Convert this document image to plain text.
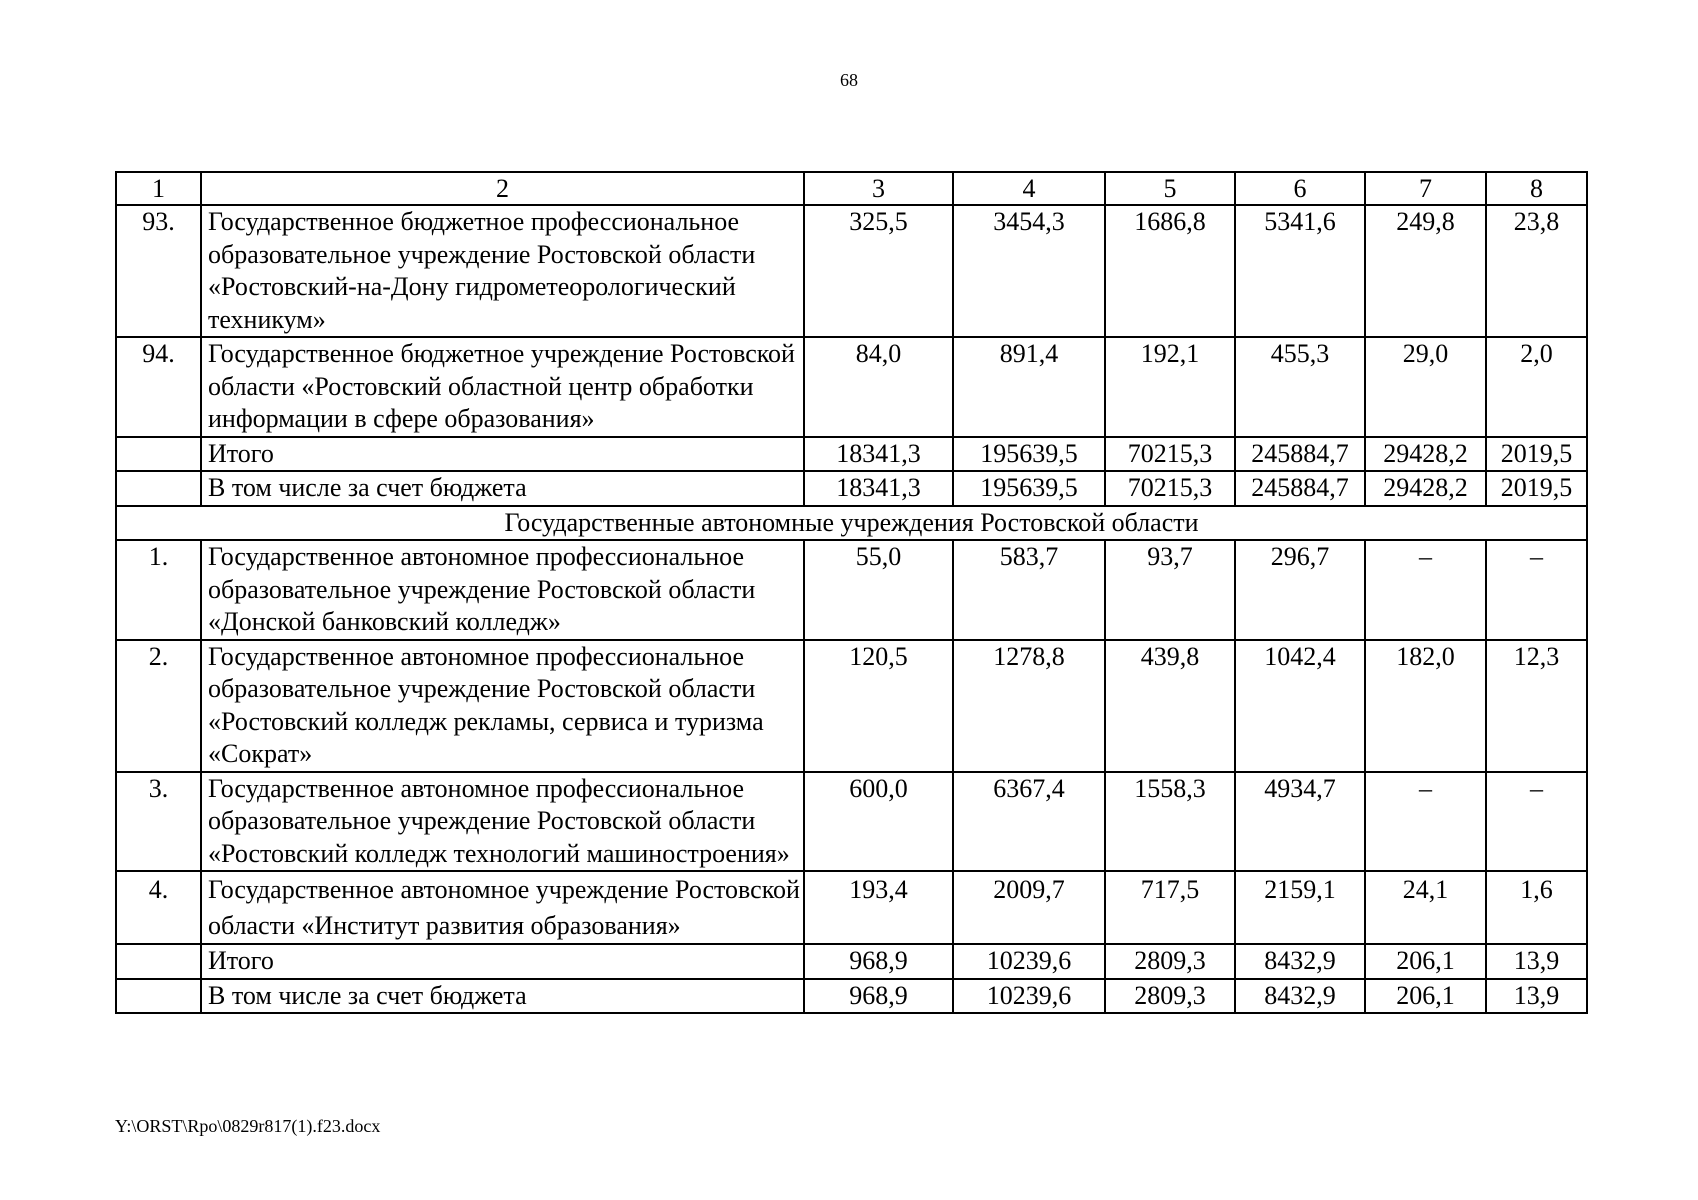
68
1	2	3	4	5	6	7	8
93.	Государственное бюджетное профессиональное образовательное учреждение Ростовской области «Ростовский-на-Дону гидрометеорологический техникум»	325,5	3454,3	1686,8	5341,6	249,8	23,8
94.	Государственное бюджетное учреждение Ростовской области «Ростовский областной центр обработки информации в сфере образования»	84,0	891,4	192,1	455,3	29,0	2,0
	Итого	18341,3	195639,5	70215,3	245884,7	29428,2	2019,5
	В том числе за счет бюджета	18341,3	195639,5	70215,3	245884,7	29428,2	2019,5
Государственные автономные учреждения Ростовской области							
1.	Государственное автономное профессиональное образовательное учреждение Ростовской области «Донской банковский колледж»	55,0	583,7	93,7	296,7	–	–
2.	Государственное автономное профессиональное образовательное учреждение Ростовской области «Ростовский колледж рекламы, сервиса и туризма «Сократ»	120,5	1278,8	439,8	1042,4	182,0	12,3
3.	Государственное автономное профессиональное образовательное учреждение Ростовской области «Ростовский колледж технологий машиностроения»	600,0	6367,4	1558,3	4934,7	–	–
4.	Государственное автономное учреждение Ростовской области «Институт развития образования»	193,4	2009,7	717,5	2159,1	24,1	1,6
	Итого	968,9	10239,6	2809,3	8432,9	206,1	13,9
	В том числе за счет бюджета	968,9	10239,6	2809,3	8432,9	206,1	13,9
Y:\ORST\Rpo\0829r817(1).f23.docx
